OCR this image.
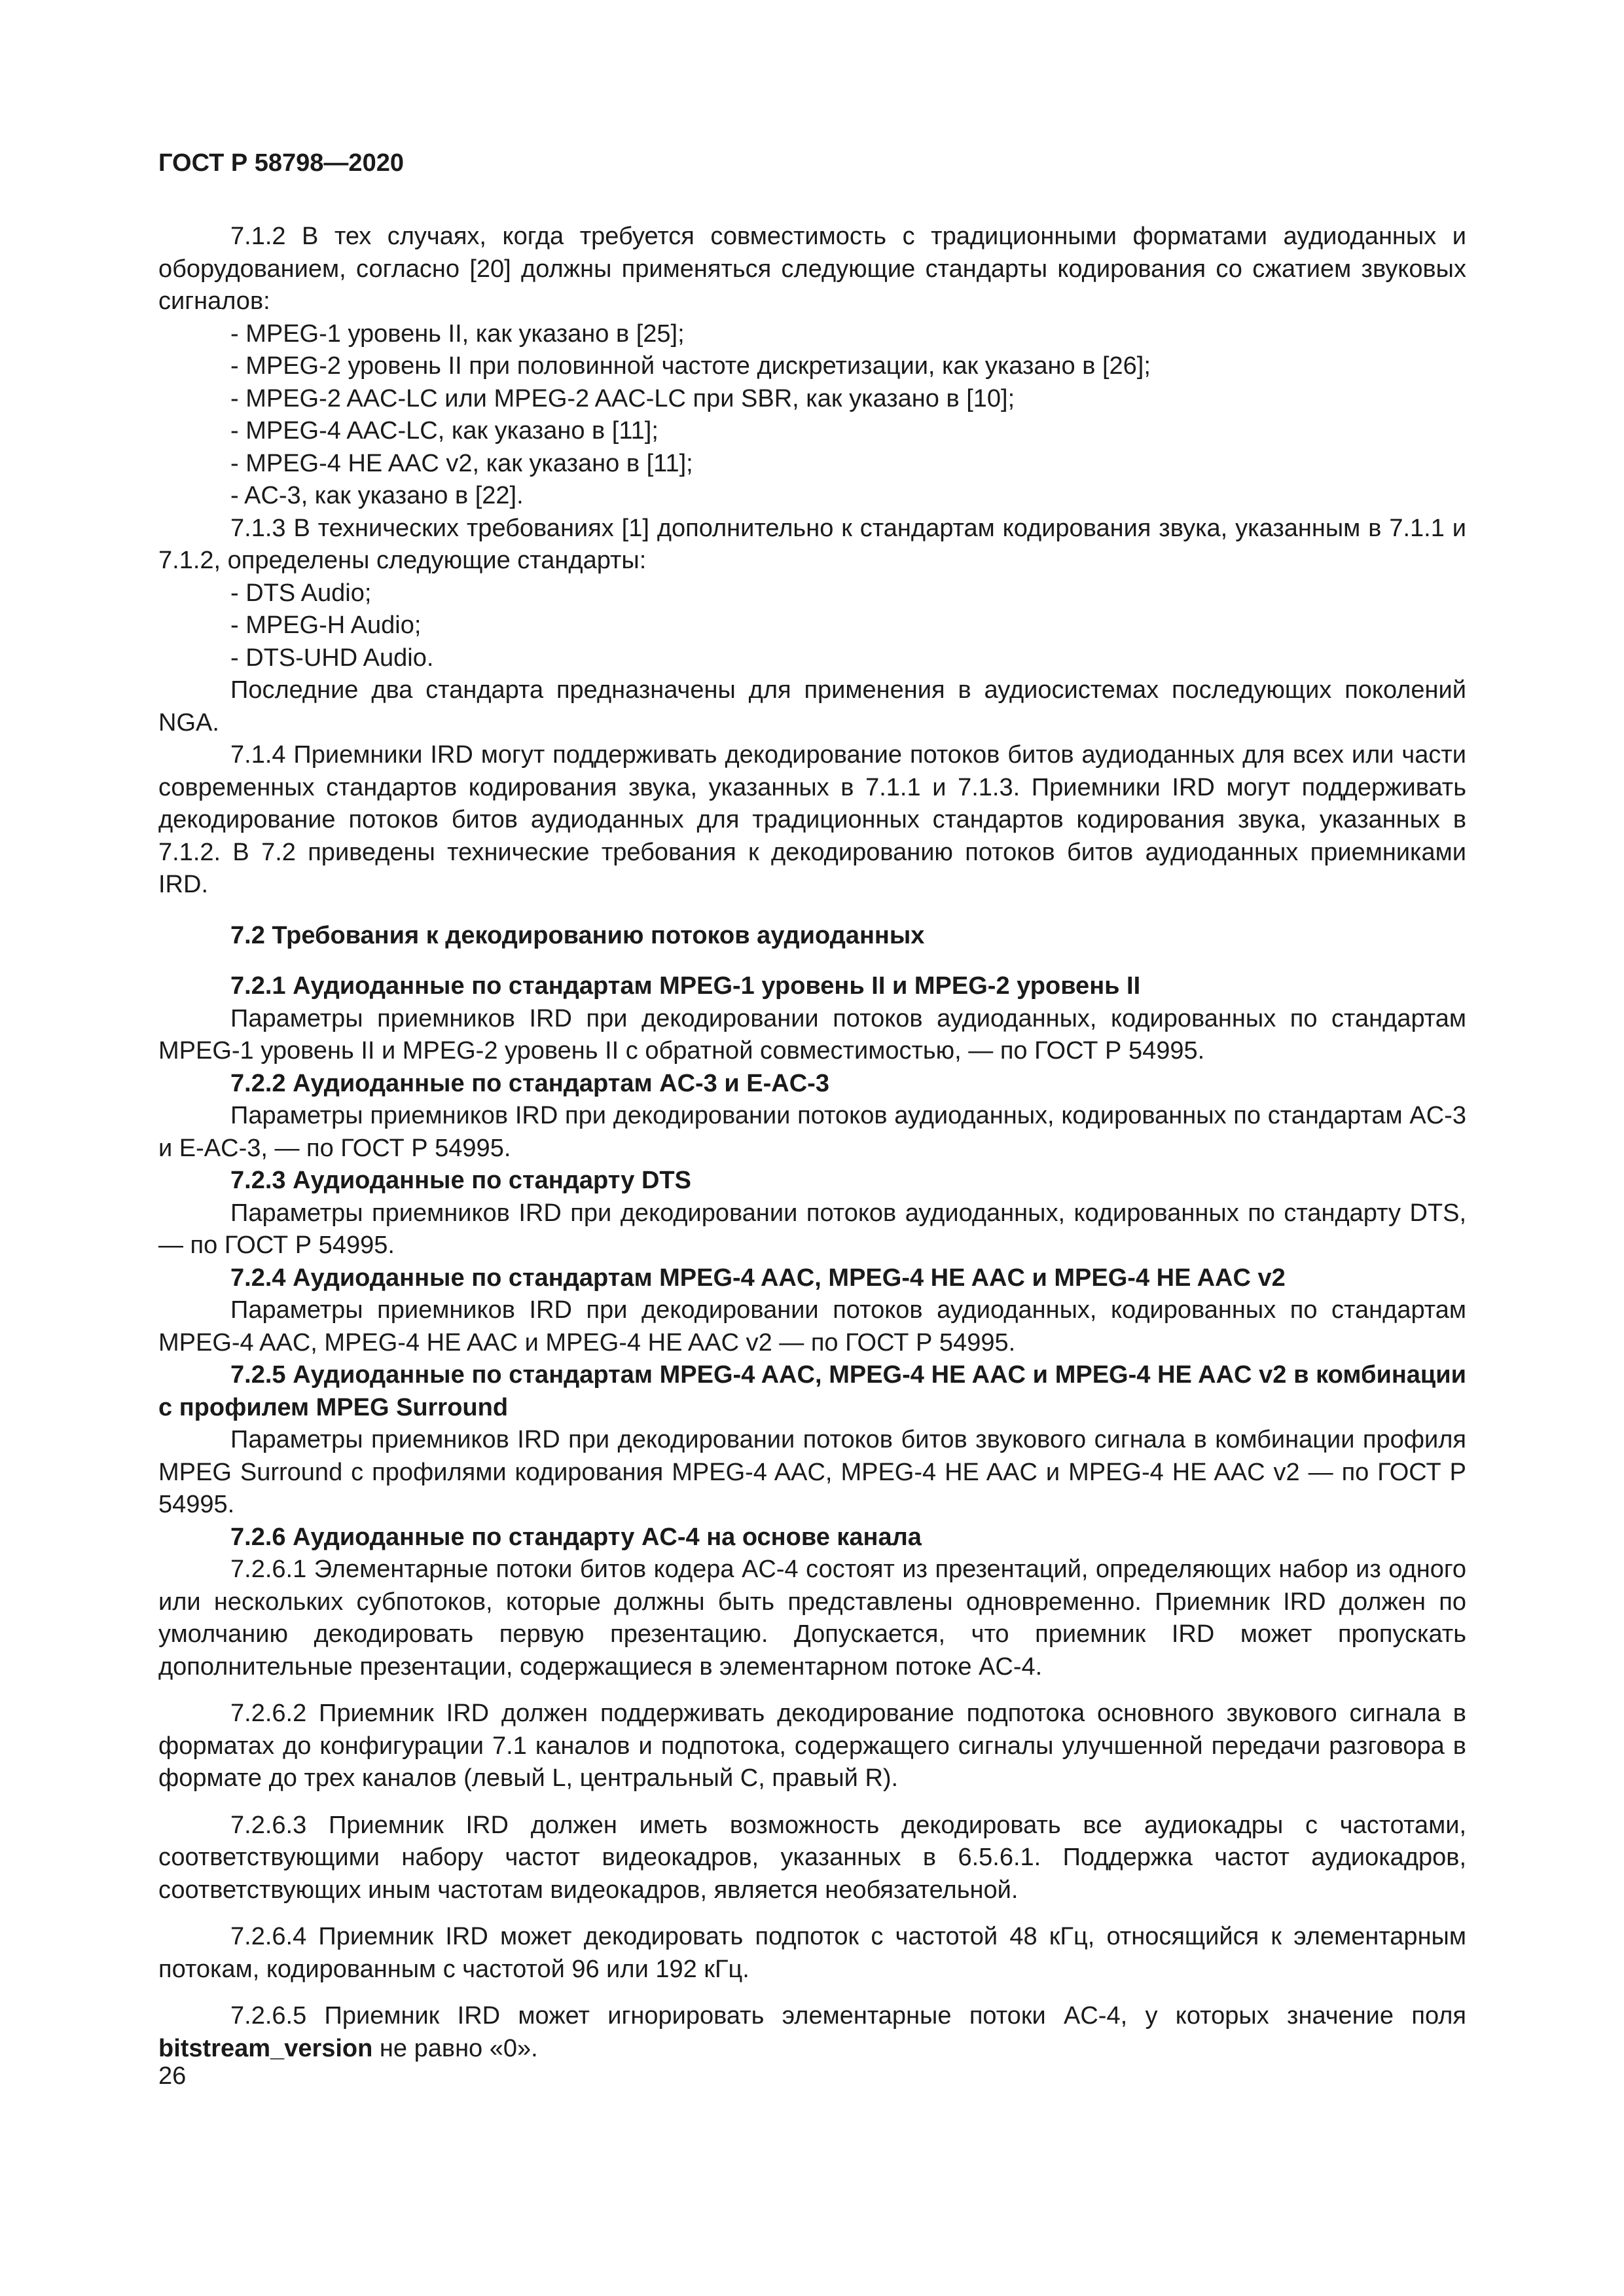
ГОСТ Р 58798—2020

7.1.2 В тех случаях, когда требуется совместимость с традиционными форматами аудиоданных и оборудованием, согласно [20] должны применяться следующие стандарты кодирования со сжатием звуковых сигналов:

- MPEG-1 уровень II, как указано в [25];

- MPEG-2 уровень II при половинной частоте дискретизации, как указано в [26];

- MPEG-2 AAC-LC или MPEG-2 AAC-LC при SBR, как указано в [10];

- MPEG-4 AAC-LC, как указано в [11];

- MPEG-4 HE AAC v2, как указано в [11];

- AC-3, как указано в [22].

7.1.3 В технических требованиях [1] дополнительно к стандартам кодирования звука, указанным в 7.1.1 и 7.1.2, определены следующие стандарты:

- DTS Audio;

- MPEG-H Audio;

- DTS-UHD Audio.

Последние два стандарта предназначены для применения в аудиосистемах последующих поколений NGA.

7.1.4 Приемники IRD могут поддерживать декодирование потоков битов аудиоданных для всех или части современных стандартов кодирования звука, указанных в 7.1.1 и 7.1.3. Приемники IRD могут поддерживать декодирование потоков битов аудиоданных для традиционных стандартов кодирования звука, указанных в 7.1.2. В 7.2 приведены технические требования к декодированию потоков битов аудиоданных приемниками IRD.

7.2 Требования к декодированию потоков аудиоданных

7.2.1 Аудиоданные по стандартам MPEG-1 уровень II и MPEG-2 уровень II

Параметры приемников IRD при декодировании потоков аудиоданных, кодированных по стандартам MPEG-1 уровень II и MPEG-2 уровень II с обратной совместимостью, — по ГОСТ Р 54995.

7.2.2 Аудиоданные по стандартам AC-3 и E-AC-3

Параметры приемников IRD при декодировании потоков аудиоданных, кодированных по стандартам AC-3 и E-AC-3, — по ГОСТ Р 54995.

7.2.3 Аудиоданные по стандарту DTS

Параметры приемников IRD при декодировании потоков аудиоданных, кодированных по стандарту DTS, — по ГОСТ Р 54995.

7.2.4 Аудиоданные по стандартам MPEG-4 AAC, MPEG-4 HE AAC и MPEG-4 HE AAC v2

Параметры приемников IRD при декодировании потоков аудиоданных, кодированных по стандартам MPEG-4 AAC, MPEG-4 HE AAC и MPEG-4 HE AAC v2 — по ГОСТ Р 54995.

7.2.5 Аудиоданные по стандартам MPEG-4 AAC, MPEG-4 HE AAC и MPEG-4 HE AAC v2 в комбинации с профилем MPEG Surround

Параметры приемников IRD при декодировании потоков битов звукового сигнала в комбинации профиля MPEG Surround с профилями кодирования MPEG-4 AAC, MPEG-4 HE AAC и MPEG-4 HE AAC v2 — по ГОСТ Р 54995.

7.2.6 Аудиоданные по стандарту AC-4 на основе канала

7.2.6.1 Элементарные потоки битов кодера AC-4 состоят из презентаций, определяющих набор из одного или нескольких субпотоков, которые должны быть представлены одновременно. Приемник IRD должен по умолчанию декодировать первую презентацию. Допускается, что приемник IRD может пропускать дополнительные презентации, содержащиеся в элементарном потоке AC-4.

7.2.6.2 Приемник IRD должен поддерживать декодирование подпотока основного звукового сигнала в форматах до конфигурации 7.1 каналов и подпотока, содержащего сигналы улучшенной передачи разговора в формате до трех каналов (левый L, центральный C, правый R).

7.2.6.3 Приемник IRD должен иметь возможность декодировать все аудиокадры с частотами, соответствующими набору частот видеокадров, указанных в 6.5.6.1. Поддержка частот аудиокадров, соответствующих иным частотам видеокадров, является необязательной.

7.2.6.4 Приемник IRD может декодировать подпоток с частотой 48 кГц, относящийся к элементарным потокам, кодированным с частотой 96 или 192 кГц.

7.2.6.5 Приемник IRD может игнорировать элементарные потоки AC-4, у которых значение поля bitstream_version не равно «0».

26
